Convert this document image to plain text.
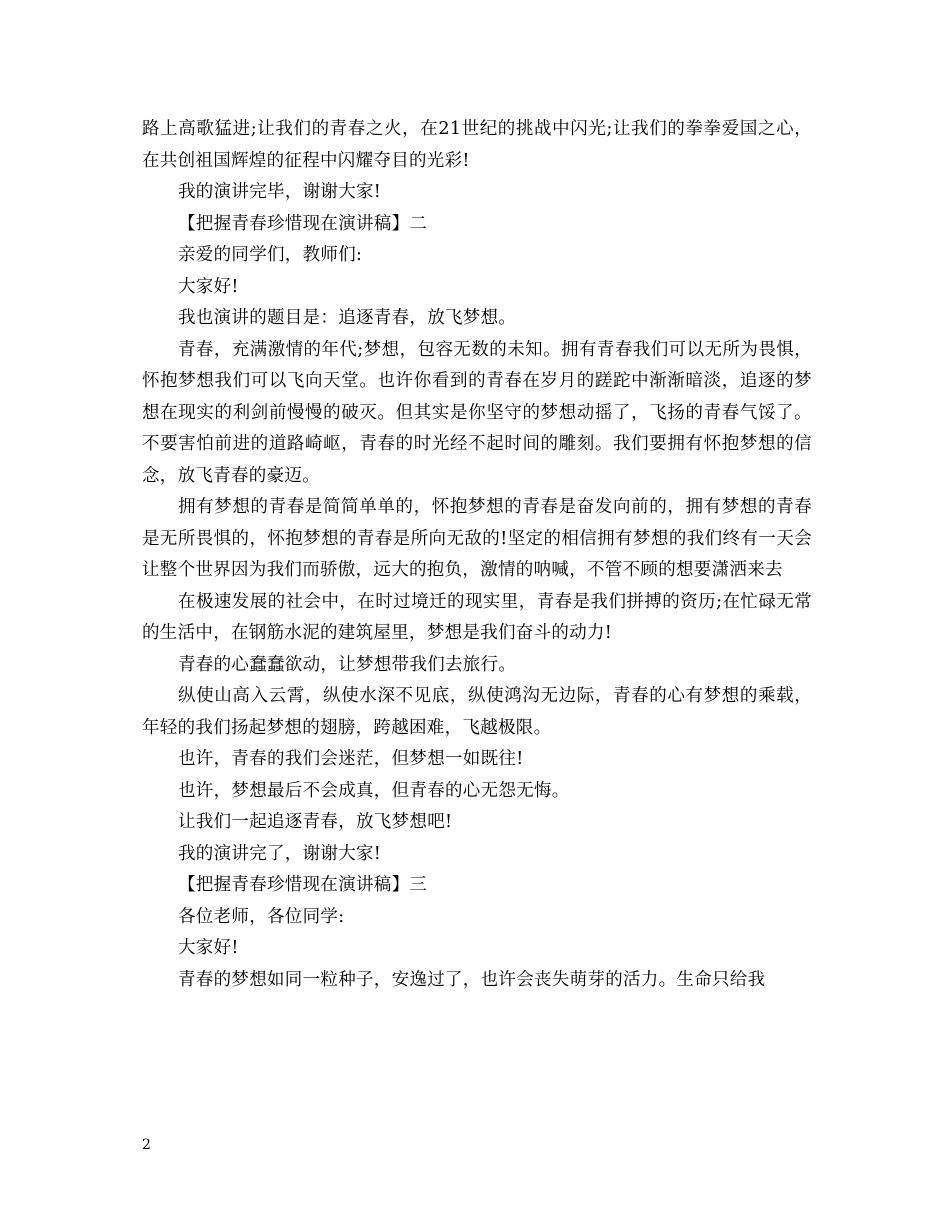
路上高歌猛进;让我们的青春之火，在21世纪的挑战中闪光;让我们的拳拳爱国之心，在共创祖国辉煌的征程中闪耀夺目的光彩!

我的演讲完毕，谢谢大家!

【把握青春珍惜现在演讲稿】二

亲爱的同学们，教师们:

大家好!

我也演讲的题目是：追逐青春，放飞梦想。

青春，充满激情的年代;梦想，包容无数的未知。拥有青春我们可以无所为畏惧，怀抱梦想我们可以飞向天堂。也许你看到的青春在岁月的蹉跎中渐渐暗淡，追逐的梦想在现实的利剑前慢慢的破灭。但其实是你坚守的梦想动摇了，飞扬的青春气馁了。不要害怕前进的道路崎岖，青春的时光经不起时间的雕刻。我们要拥有怀抱梦想的信念，放飞青春的豪迈。

拥有梦想的青春是简简单单的，怀抱梦想的青春是奋发向前的，拥有梦想的青春是无所畏惧的，怀抱梦想的青春是所向无敌的!坚定的相信拥有梦想的我们终有一天会让整个世界因为我们而骄傲，远大的抱负，激情的呐喊，不管不顾的想要潇洒来去

在极速发展的社会中，在时过境迁的现实里，青春是我们拼搏的资历;在忙碌无常的生活中，在钢筋水泥的建筑屋里，梦想是我们奋斗的动力!

青春的心蠢蠢欲动，让梦想带我们去旅行。

纵使山高入云霄，纵使水深不见底，纵使鸿沟无边际，青春的心有梦想的乘载，年轻的我们扬起梦想的翅膀，跨越困难，飞越极限。

也许，青春的我们会迷茫，但梦想一如既往!

也许，梦想最后不会成真，但青春的心无怨无悔。

让我们一起追逐青春，放飞梦想吧!

我的演讲完了，谢谢大家!

【把握青春珍惜现在演讲稿】三

各位老师，各位同学:

大家好!

青春的梦想如同一粒种子，安逸过了，也许会丧失萌芽的活力。生命只给我

2
